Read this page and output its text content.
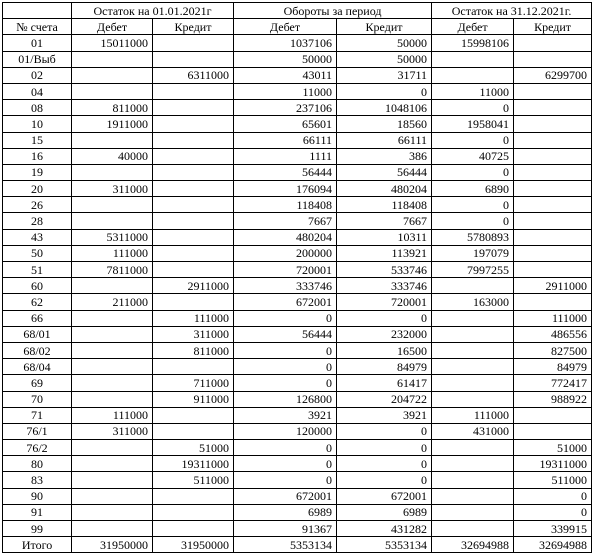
	Остаток на 01.01.2021г		Обороты за период		Остаток на 31.12.2021г.	
№ счета	Дебет	Кредит	Дебет	Кредит	Дебет	Кредит
01	15011000		1037106	50000	15998106	
01/Выб			50000	50000		
02		6311000	43011	31711		6299700
04			11000	0	11000	
08	811000		237106	1048106	0	
10	1911000		65601	18560	1958041	
15			66111	66111	0	
16	40000		1111	386	40725	
19			56444	56444	0	
20	311000		176094	480204	6890	
26			118408	118408	0	
28			7667	7667	0	
43	5311000		480204	10311	5780893	
50	111000		200000	113921	197079	
51	7811000		720001	533746	7997255	
60		2911000	333746	333746		2911000
62	211000		672001	720001	163000	
66		111000	0	0		111000
68/01		311000	56444	232000		486556
68/02		811000	0	16500		827500
68/04			0	84979		84979
69		711000	0	61417		772417
70		911000	126800	204722		988922
71	111000		3921	3921	111000	
76/1	311000		120000	0	431000	
76/2		51000	0	0		51000
80		19311000	0	0		19311000
83		511000	0	0		511000
90			672001	672001		0
91			6989	6989		0
99			91367	431282		339915
Итого	31950000	31950000	5353134	5353134	32694988	32694988
